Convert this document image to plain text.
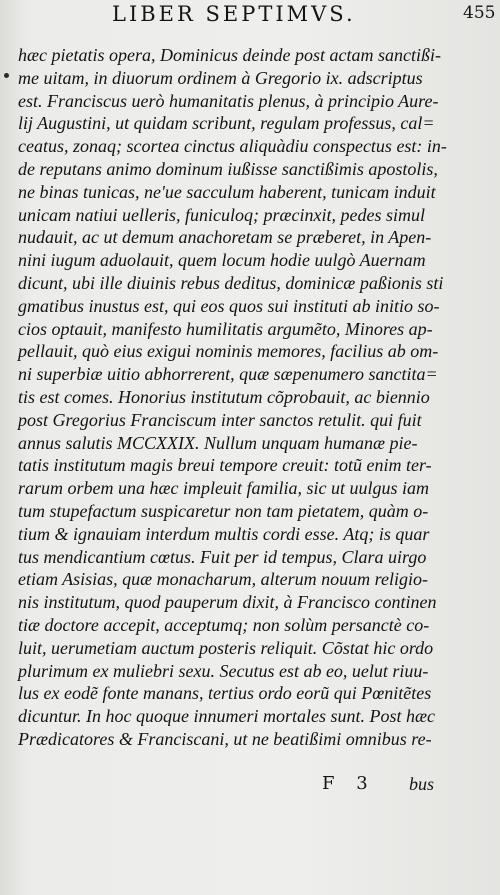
LIBER SEPTIMVS.	455
hæc pietatis opera, Dominicus deinde post actam sanctißi-
me uitam, in diuorum ordinem à Gregorio ix. adscriptus
est. Franciscus uerò humanitatis plenus, à principio Aure-
lij Augustini, ut quidam scribunt, regulam professus, cal=
ceatus, zonaq; scortea cinctus aliquàdiu conspectus est: in-
de reputans animo dominum iußisse sanctißimis apostolis,
ne binas tunicas, ne'ue sacculum haberent, tunicam induit
unicam natiui uelleris, funiculoq; præcinxit, pedes simul
nudauit, ac ut demum anachoretam se præberet, in Apen-
nini iugum aduolauit, quem locum hodie uulgò Auernam
dicunt, ubi ille diuinis rebus deditus, dominicæ paßionis sti
gmatibus inustus est, qui eos quos sui instituti ab initio so-
cios optauit, manifesto humilitatis argumẽto, Minores ap-
pellauit, quò eius exigui nominis memores, facilius ab om-
ni superbiæ uitio abhorrerent, quæ sæpenumero sanctita=
tis est comes. Honorius institutum cõprobauit, ac biennio
post Gregorius Franciscum inter sanctos retulit. qui fuit
annus salutis MCCXXIX. Nullum unquam humanæ pie-
tatis institutum magis breui tempore creuit: totũ enim ter-
rarum orbem una hæc impleuit familia, sic ut uulgus iam
tum stupefactum suspicaretur non tam pietatem, quàm o-
tium & ignauiam interdum multis cordi esse. Atq; is quar
tus mendicantium cœtus. Fuit per id tempus, Clara uirgo
etiam Asisias, quæ monacharum, alterum nouum religio-
nis institutum, quod pauperum dixit, à Francisco continen
tiæ doctore accepit, acceptumq; non solùm persanctè co-
luit, uerumetiam auctum posteris reliquit. Cõstat hic ordo
plurimum ex muliebri sexu. Secutus est ab eo, uelut riuu-
lus ex eodẽ fonte manans, tertius ordo eorũ qui Pœnitẽtes
dicuntur. In hoc quoque innumeri mortales sunt. Post hæc
Prædicatores & Franciscani, ut ne beatißimi omnibus re-
F 3 bus
